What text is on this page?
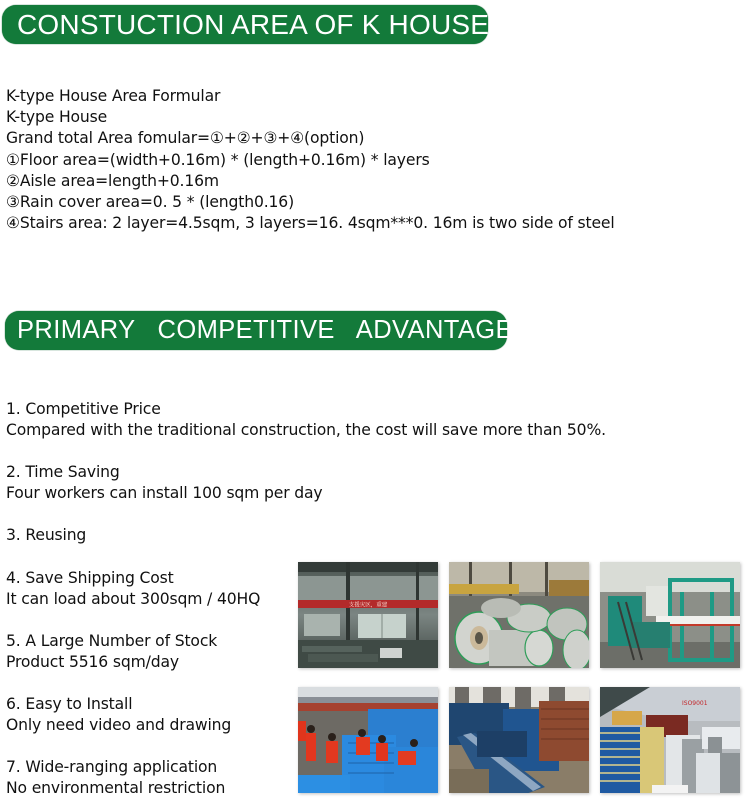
CONSTUCTION AREA OF K HOUSE
K-type House Area Formular
K-type House
Grand total Area fomular=①+②+③+④(option)
①Floor area=(width+0.16m) * (length+0.16m) * layers
②Aisle area=length+0.16m
③Rain cover area=0. 5 * (length0.16)
④Stairs area: 2 layer=4.5sqm, 3 layers=16. 4sqm***0. 16m is two side of steel
PRIMARY   COMPETITIVE   ADVANTAGES
1. Competitive Price
Compared with the traditional construction, the cost will save more than 50%.
2. Time Saving
Four workers can install 100 sqm per day
3. Reusing
4. Save Shipping Cost
It can load about 300sqm / 40HQ
5. A Large Number of Stock
Product 5516 sqm/day
6. Easy to Install
Only need video and drawing
7. Wide-ranging application
No environmental restriction
支援灾区，重建
ISO9001
